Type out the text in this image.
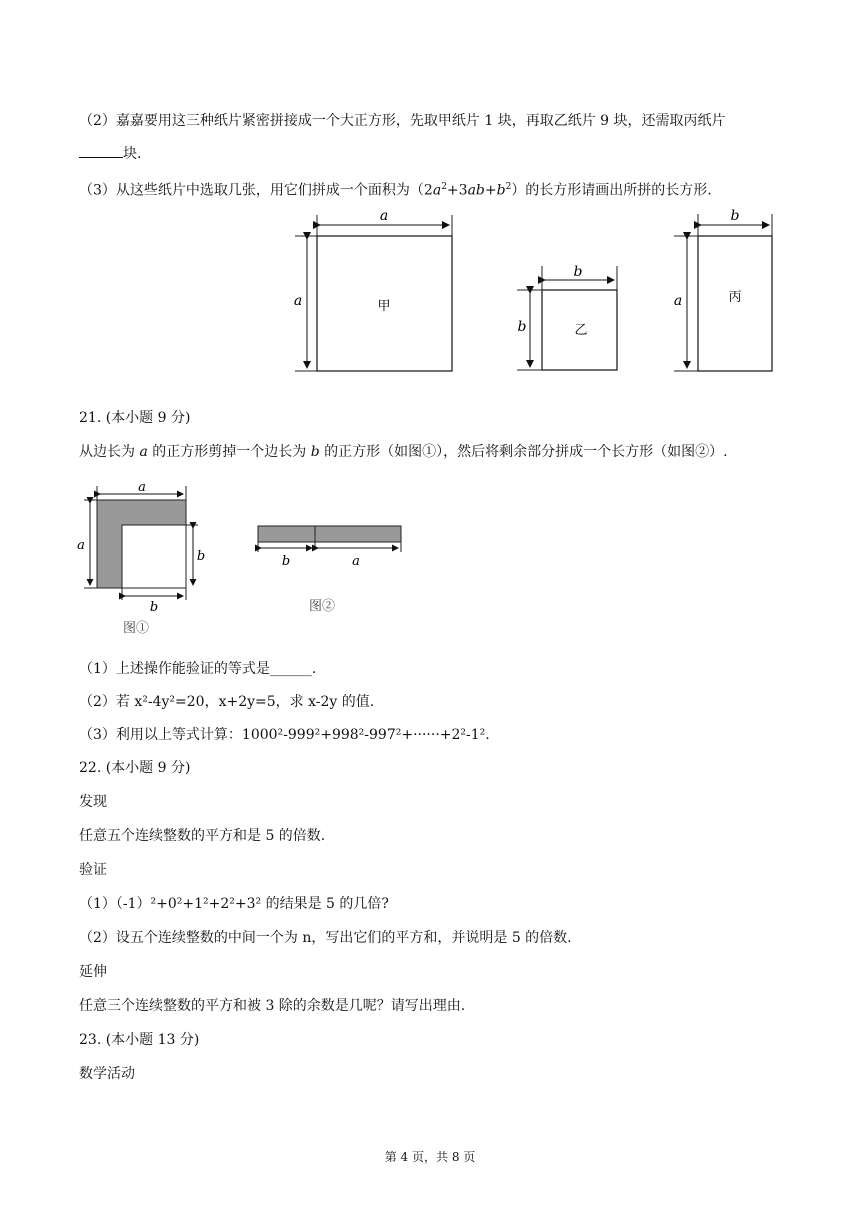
（2）嘉嘉要用这三种纸片紧密拼接成一个大正方形，先取甲纸片 1 块，再取乙纸片 9 块，还需取丙纸片
块.
（3）从这些纸片中选取几张，用它们拼成一个面积为$(2a^2+3ab+b^2)$的长方形请画出所拼的长方形.
a
a	甲
b
b	乙
b
a	丙
21. (本小题 9 分)
从边长为 a 的正方形剪掉一个边长为 b 的正方形（如图①），然后将剩余部分拼成一个长方形（如图②）.
a
a
b
b
图①
b	a
图②
（1）上述操作能验证的等式是______.
（2）若 x²-4y²=20，x+2y=5，求 x-2y 的值.
（3）利用以上等式计算：1000²-999²+998²-997²+······+2²-1².
22. (本小题 9 分)
发现
任意五个连续整数的平方和是 5 的倍数.
验证
（1）（-1）²+0²+1²+2²+3² 的结果是 5 的几倍?
（2）设五个连续整数的中间一个为 n，写出它们的平方和，并说明是 5 的倍数.
延伸
任意三个连续整数的平方和被 3 除的余数是几呢？请写出理由.
23. (本小题 13 分)
数学活动
第 4 页，共 8 页
